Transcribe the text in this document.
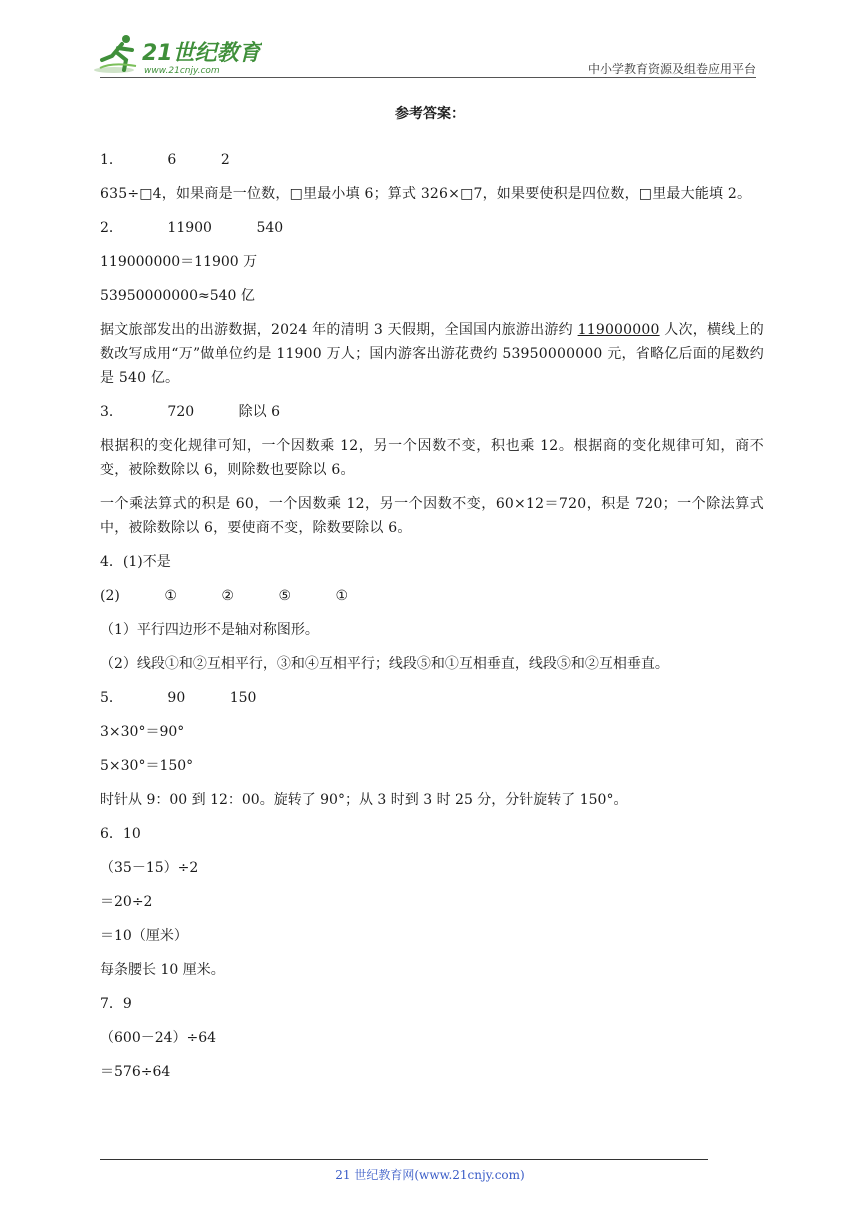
21世纪教育
www.21cnjy.com	中小学教育资源及组卷应用平台
参考答案：

1．          6          2

635÷□4，如果商是一位数，□里最小填 6；算式 326×□7，如果要使积是四位数，□里最大能填 2。

2．          11900          540

119000000＝11900 万

53950000000≈540 亿

据文旅部发出的出游数据，2024 年的清明 3 天假期，全国国内旅游出游约 119000000 人次，横线上的数改写成用“万”做单位约是 11900 万人；国内游客出游花费约 53950000000 元，省略亿后面的尾数约是 540 亿。

3．          720          除以 6

根据积的变化规律可知，一个因数乘 12，另一个因数不变，积也乘 12。根据商的变化规律可知，商不变，被除数除以 6，则除数也要除以 6。

一个乘法算式的积是 60，一个因数乘 12，另一个因数不变，60×12＝720，积是 720；一个除法算式中，被除数除以 6，要使商不变，除数要除以 6。

4．(1)不是

(2)          ①          ②          ⑤          ①

（1）平行四边形不是轴对称图形。

（2）线段①和②互相平行，③和④互相平行；线段⑤和①互相垂直，线段⑤和②互相垂直。

5．          90          150

3×30°＝90°

5×30°＝150°

时针从 9：00 到 12：00。旋转了 90°；从 3 时到 3 时 25 分，分针旋转了 150°。

6．10

（35－15）÷2

＝20÷2

＝10（厘米）

每条腰长 10 厘米。

7．9

（600－24）÷64

＝576÷64

21 世纪教育网(www.21cnjy.com)
